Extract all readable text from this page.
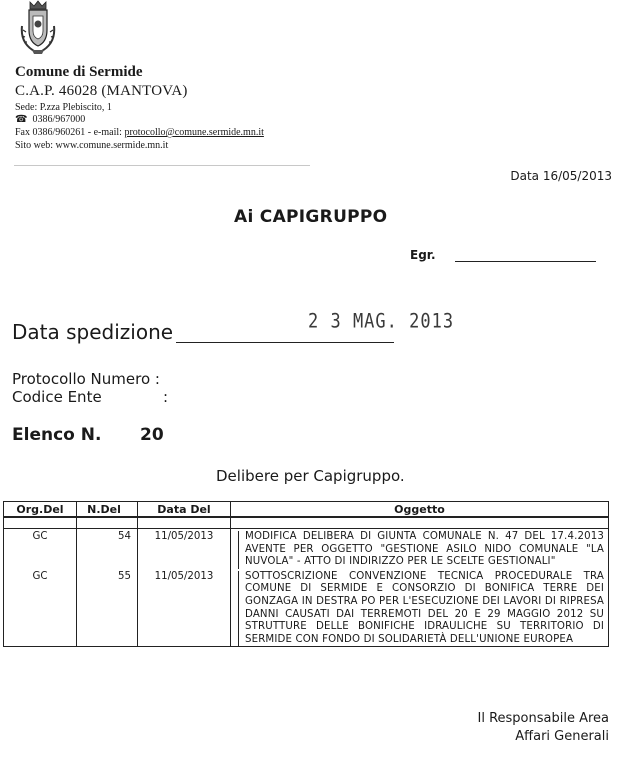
Comune di Sermide
C.A.P. 46028 (MANTOVA)
Sede: P.zza Plebiscito, 1
☎ 0386/967000
Fax 0386/960261 - e-mail: protocollo@comune.sermide.mn.it
Sito web: www.comune.sermide.mn.it
Data 16/05/2013
Ai CAPIGRUPPO
Egr.
Data spedizione	2 3 MAG. 2013
Protocollo Numero :
Codice Ente	:
Elenco N. 20
Delibere per Capigruppo.
Org.Del	N.Del	Data Del	Oggetto

GC	54	11/05/2013	MODIFICA DELIBERA DI GIUNTA COMUNALE N. 47 DEL 17.4.2013 AVENTE PER OGGETTO "GESTIONE ASILO NIDO COMUNALE "LA NUVOLA" - ATTO DI INDIRIZZO PER LE SCELTE GESTIONALI"

GC	55	11/05/2013	SOTTOSCRIZIONE CONVENZIONE TECNICA PROCEDURALE TRA COMUNE DI SERMIDE E CONSORZIO DI BONIFICA TERRE DEI GONZAGA IN DESTRA PO PER L'ESECUZIONE DEI LAVORI DI RIPRESA DANNI CAUSATI DAI TERREMOTI DEL 20 E 29 MAGGIO 2012 SU STRUTTURE DELLE BONIFICHE IDRAULICHE SU TERRITORIO DI SERMIDE CON FONDO DI SOLIDARIETÀ DELL'UNIONE EUROPEA
Il Responsabile Area
Affari Generali
